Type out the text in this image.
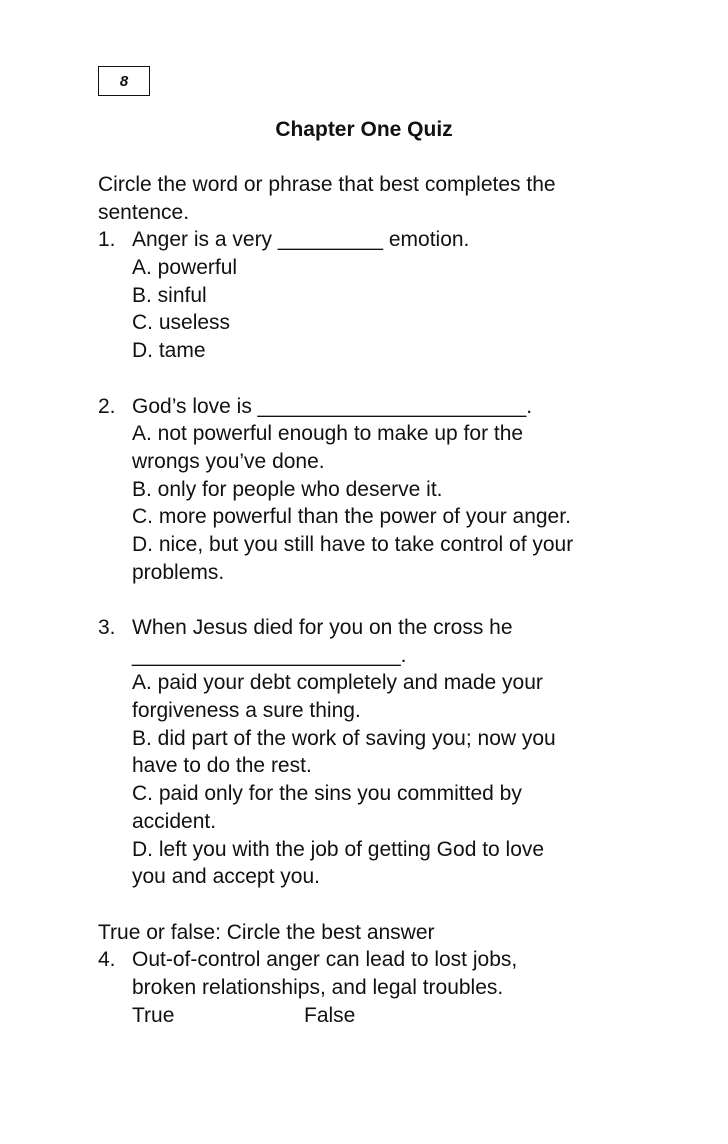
8
Chapter One Quiz
Circle the word or phrase that best completes the
sentence.
1. Anger is a very _________ emotion.
A. powerful
B. sinful
C. useless
D. tame
2. God’s love is _______________________.
A. not powerful enough to make up for the
wrongs you’ve done.
B. only for people who deserve it.
C. more powerful than the power of your anger.
D. nice, but you still have to take control of your
problems.
3. When Jesus died for you on the cross he
_______________________.
A. paid your debt completely and made your
forgiveness a sure thing.
B. did part of the work of saving you; now you
have to do the rest.
C. paid only for the sins you committed by
accident.
D. left you with the job of getting God to love
you and accept you.
True or false: Circle the best answer
4. Out-of-control anger can lead to lost jobs,
broken relationships, and legal troubles.
True	False
